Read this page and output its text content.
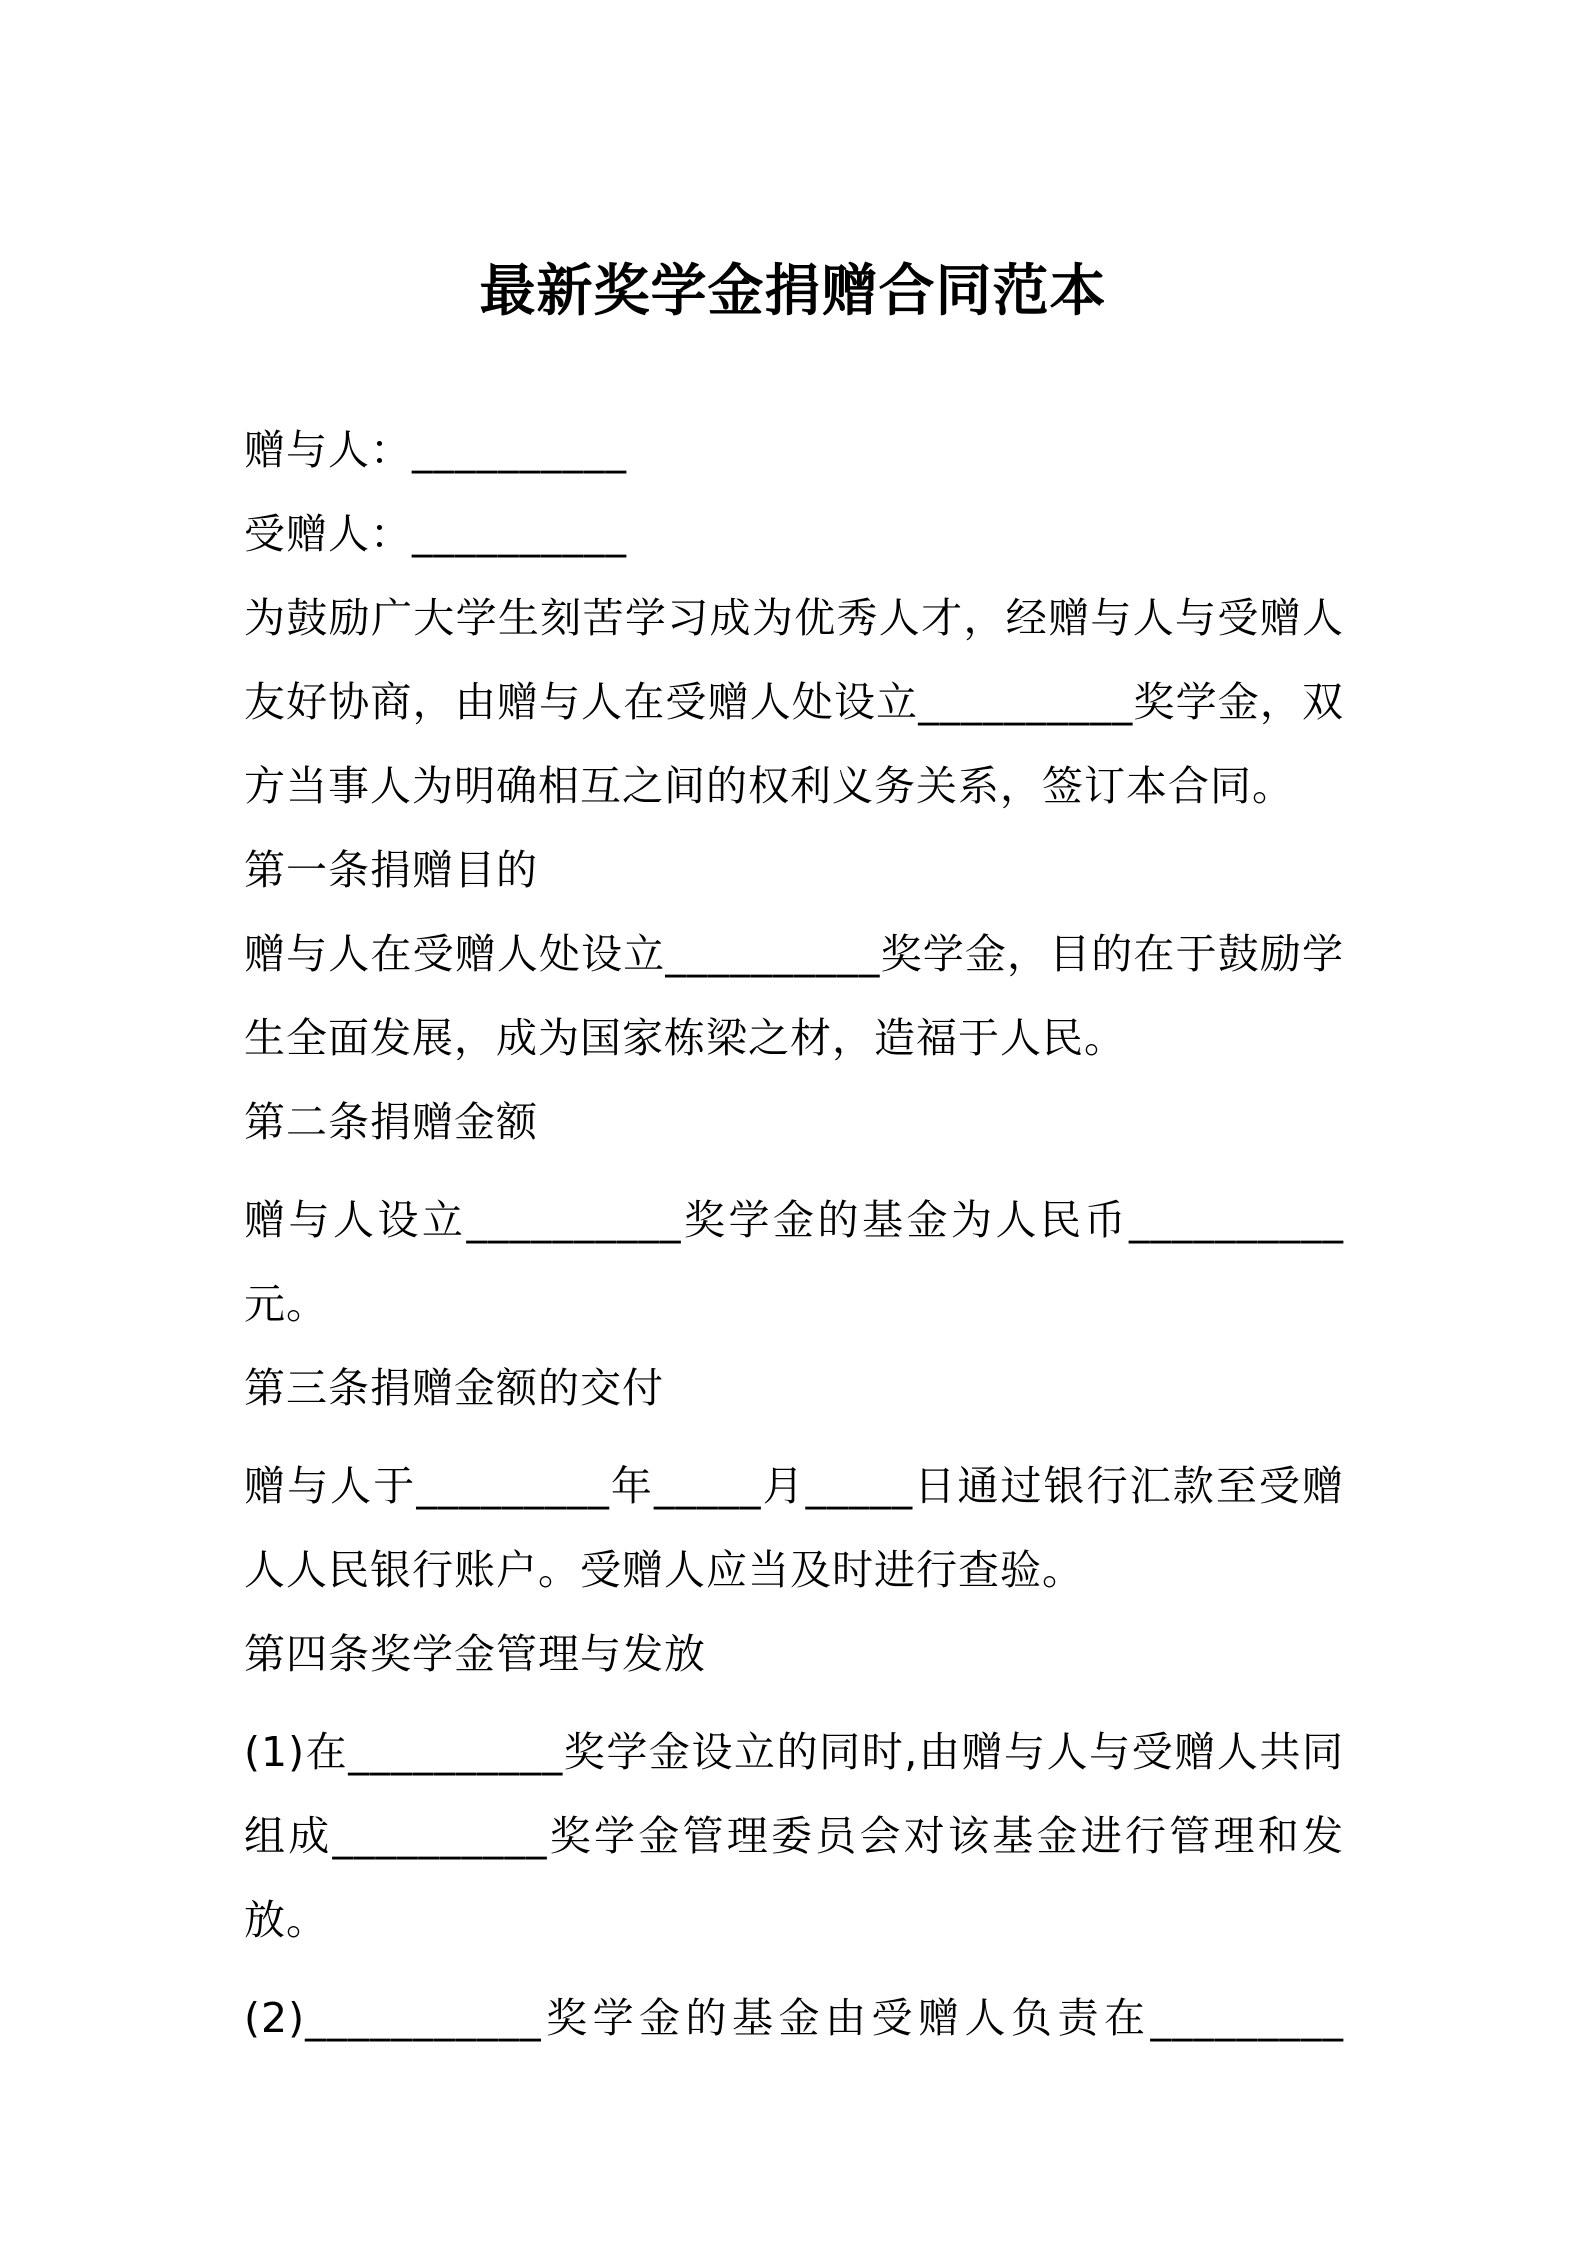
最新奖学金捐赠合同范本
赠与人：__________
受赠人：__________
为鼓励广大学生刻苦学习成为优秀人才，经赠与人与受赠人
友好协商，由赠与人在受赠人处设立__________奖学金，双
方当事人为明确相互之间的权利义务关系，签订本合同。
第一条捐赠目的
赠与人在受赠人处设立__________奖学金，目的在于鼓励学
生全面发展，成为国家栋梁之材，造福于人民。
第二条捐赠金额
赠与人设立__________奖学金的基金为人民币__________
元。
第三条捐赠金额的交付
赠与人于_________年_____月_____日通过银行汇款至受赠
人人民银行账户。受赠人应当及时进行查验。
第四条奖学金管理与发放
(1)在__________奖学金设立的同时,由赠与人与受赠人共同
组成__________奖学金管理委员会对该基金进行管理和发
放。
(2)___________奖学金的基金由受赠人负责在_________
